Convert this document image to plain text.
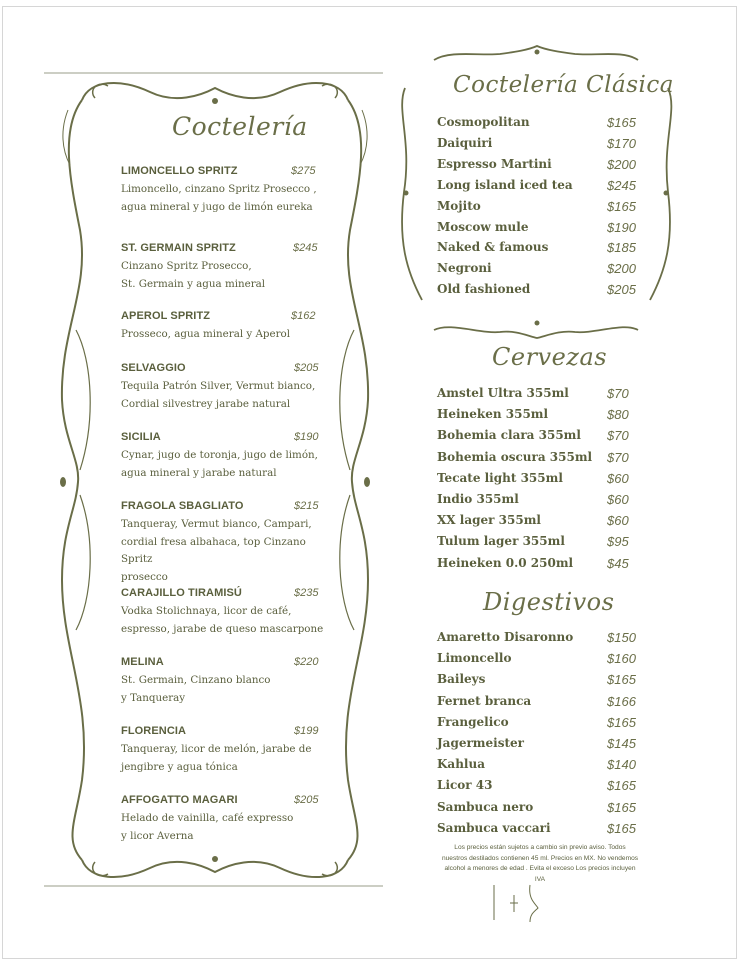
Coctelería
LIMONCELLO SPRITZ	$275
Limoncello, cinzano Spritz Prosecco ,
agua mineral y jugo de limón eureka
ST. GERMAIN SPRITZ	$245
Cinzano Spritz Prosecco,
St. Germain y agua mineral
APEROL SPRITZ	$162
Prosseco, agua mineral y Aperol
SELVAGGIO	$205
Tequila Patrón Silver, Vermut bianco,
Cordial silvestrey jarabe natural
SICILIA	$190
Cynar, jugo de toronja, jugo de limón,
agua mineral y jarabe natural
FRAGOLA SBAGLIATO	$215
Tanqueray, Vermut bianco, Campari,
cordial fresa albahaca, top Cinzano Spritz
prosecco
CARAJILLO TIRAMISÚ	$235
Vodka Stolichnaya, licor de café,
espresso, jarabe de queso mascarpone
MELINA	$220
St. Germain, Cinzano blanco
y Tanqueray
FLORENCIA	$199
Tanqueray, licor de melón, jarabe de
jengibre y agua tónica
AFFOGATTO MAGARI	$205
Helado de vainilla, café expresso
y licor Averna
Coctelería Clásica
Cosmopolitan	$165
Daiquiri	$170
Espresso Martini	$200
Long island iced tea	$245
Mojito	$165
Moscow mule	$190
Naked & famous	$185
Negroni	$200
Old fashioned	$205
Cervezas
Amstel Ultra 355ml	$70
Heineken 355ml	$80
Bohemia clara 355ml $70
Bohemia oscura 355ml $70
Tecate light 355ml	$60
Indio 355ml	$60
XX lager 355ml	$60
Tulum lager 355ml	$95
Heineken 0.0 250ml	$45
Digestivos
Amaretto Disaronno	$150
Limoncello	$160
Baileys	$165
Fernet branca	$166
Frangelico	$165
Jagermeister	$145
Kahlua	$140
Licor 43	$165
Sambuca nero	$165
Sambuca vaccari	$165
Los precios están sujetos a cambio sin previo aviso. Todos nuestros destilados contienen 45 ml. Precios en MX. No vendemos alcohol a menores de edad . Evita el exceso Los precios incluyen IVA
